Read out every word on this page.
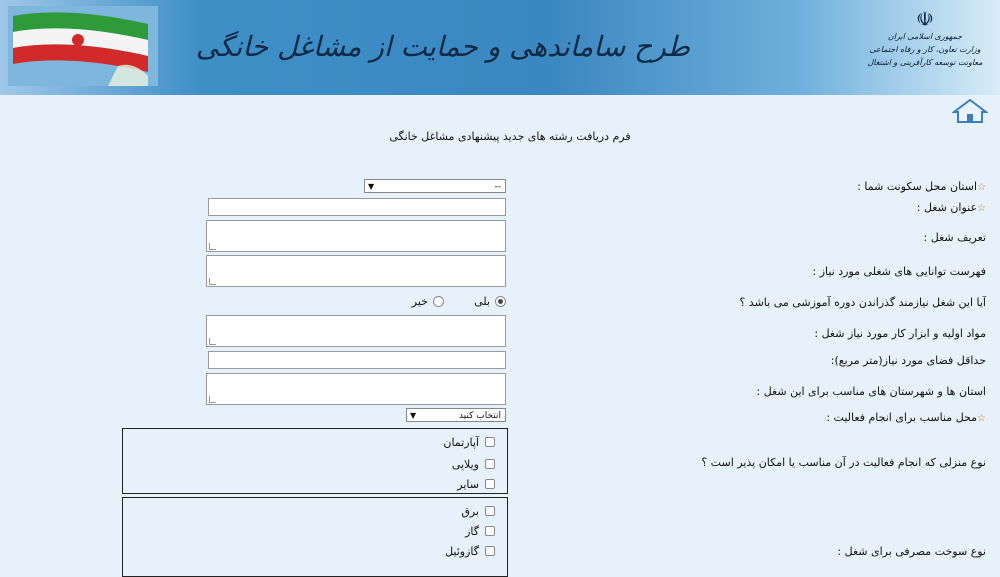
طرح ساماندهی و حمایت از مشاغل خانگی
☫
جمهوری اسلامی ایران
وزارت تعاون، کار و رفاه اجتماعی
معاونت توسعه کارآفرینی و اشتغال
فرم دریافت رشته های جدید پیشنهادی مشاغل خانگی
☆استان محل سکونت شما :
▼	--
☆عنوان شغل :
تعریف شغل :
فهرست توانایی های شغلی مورد نیاز :
آیا این شغل نیازمند گذراندن دوره آموزشی می باشد ؟
بلی
خیر
مواد اولیه و ابزار کار مورد نیاز شغل :
حداقل فضای مورد نیاز(متر مربع):
استان ها و شهرستان های مناسب برای این شغل :
☆محل مناسب برای انجام فعالیت :
▼	انتخاب کنید
نوع منزلی که انجام فعالیت در آن مناسب یا امکان پذیر است ؟
آپارتمان
ویلایی
سایر
نوع سوخت مصرفی برای شغل :
برق
گاز
گازوئیل
